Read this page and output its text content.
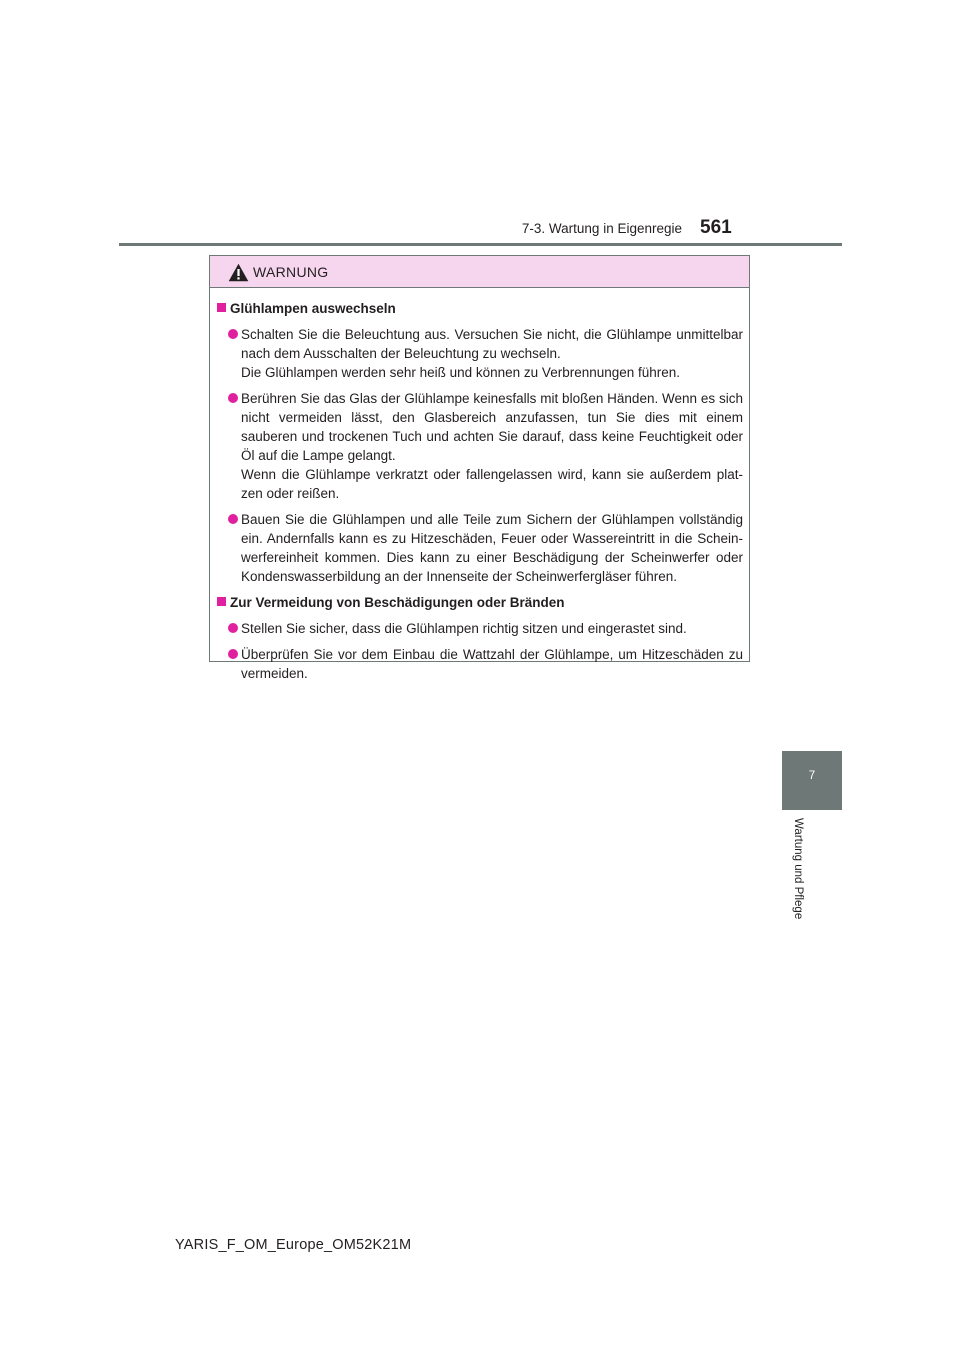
7-3. Wartung in Eigenregie 561
7
Wartung und Pflege
WARNUNG
Glühlampen auswechseln

Schalten Sie die Beleuchtung aus. Versuchen Sie nicht, die Glühlampe unmittelbar nach dem Ausschalten der Beleuchtung zu wechseln.

Die Glühlampen werden sehr heiß und können zu Verbrennungen führen.

Berühren Sie das Glas der Glühlampe keinesfalls mit bloßen Händen. Wenn es sich nicht vermeiden lässt, den Glasbereich anzufassen, tun Sie dies mit einem sauberen und trockenen Tuch und achten Sie darauf, dass keine Feuchtigkeit oder Öl auf die Lampe gelangt.

Wenn die Glühlampe verkratzt oder fallengelassen wird, kann sie außerdem plat-zen oder reißen.

Bauen Sie die Glühlampen und alle Teile zum Sichern der Glühlampen vollständig ein. Andernfalls kann es zu Hitzeschäden, Feuer oder Wassereintritt in die Schein-werfereinheit kommen. Dies kann zu einer Beschädigung der Scheinwerfer oder Kondenswasserbildung an der Innenseite der Scheinwerfergläser führen.

Zur Vermeidung von Beschädigungen oder Bränden

Stellen Sie sicher, dass die Glühlampen richtig sitzen und eingerastet sind.

Überprüfen Sie vor dem Einbau die Wattzahl der Glühlampe, um Hitzeschäden zu vermeiden.

YARIS_F_OM_Europe_OM52K21M
